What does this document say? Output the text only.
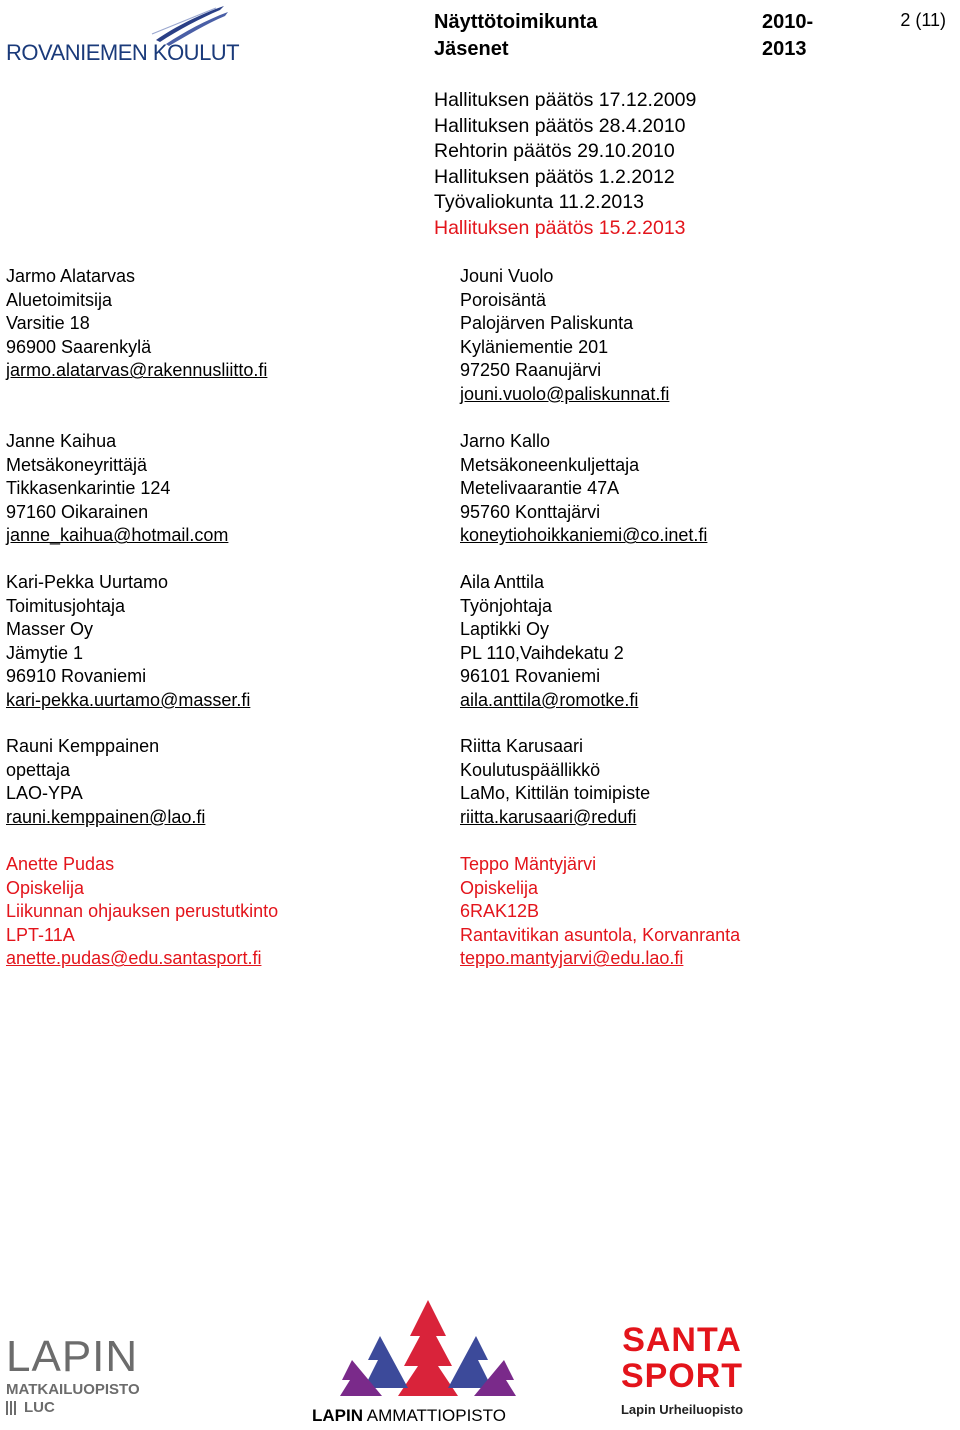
ROVANIEMEN KOULUT
Näyttötoimikunta
Jäsenet
2010-
2013
2 (11)
Hallituksen päätös 17.12.2009
Hallituksen päätös 28.4.2010
Rehtorin päätös 29.10.2010
Hallituksen päätös 1.2.2012
Työvaliokunta 11.2.2013
Hallituksen päätös 15.2.2013
Jarmo Alatarvas
Aluetoimitsija
Varsitie 18
96900 Saarenkylä
jarmo.alatarvas@rakennusliitto.fi
Janne Kaihua
Metsäkoneyrittäjä
Tikkasenkarintie 124
97160 Oikarainen
janne_kaihua@hotmail.com
Kari-Pekka Uurtamo
Toimitusjohtaja
Masser Oy
Jämytie 1
96910 Rovaniemi
kari-pekka.uurtamo@masser.fi
Rauni Kemppainen
opettaja
LAO-YPA
rauni.kemppainen@lao.fi
Anette Pudas
Opiskelija
Liikunnan ohjauksen perustutkinto
LPT-11A
anette.pudas@edu.santasport.fi
Jouni Vuolo
Poroisäntä
Palojärven Paliskunta
Kyläniementie 201
97250 Raanujärvi
jouni.vuolo@paliskunnat.fi
Jarno Kallo
Metsäkoneenkuljettaja
Metelivaarantie 47A
95760 Konttajärvi
koneytiohoikkaniemi@co.inet.fi
Aila Anttila
Työnjohtaja
Laptikki Oy
PL 110,Vaihdekatu 2
96101 Rovaniemi
aila.anttila@romotke.fi
Riitta Karusaari
Koulutuspäällikkö
LaMo, Kittilän toimipiste
riitta.karusaari@redufi
Teppo Mäntyjärvi
Opiskelija
6RAK12B
Rantavitikan asuntola, Korvanranta
teppo.mantyjarvi@edu.lao.fi
LAPIN
MATKAILUOPISTO
LUC	LAPIN AMMATTIOPISTO
SANTA
SPORT
Lapin Urheiluopisto
